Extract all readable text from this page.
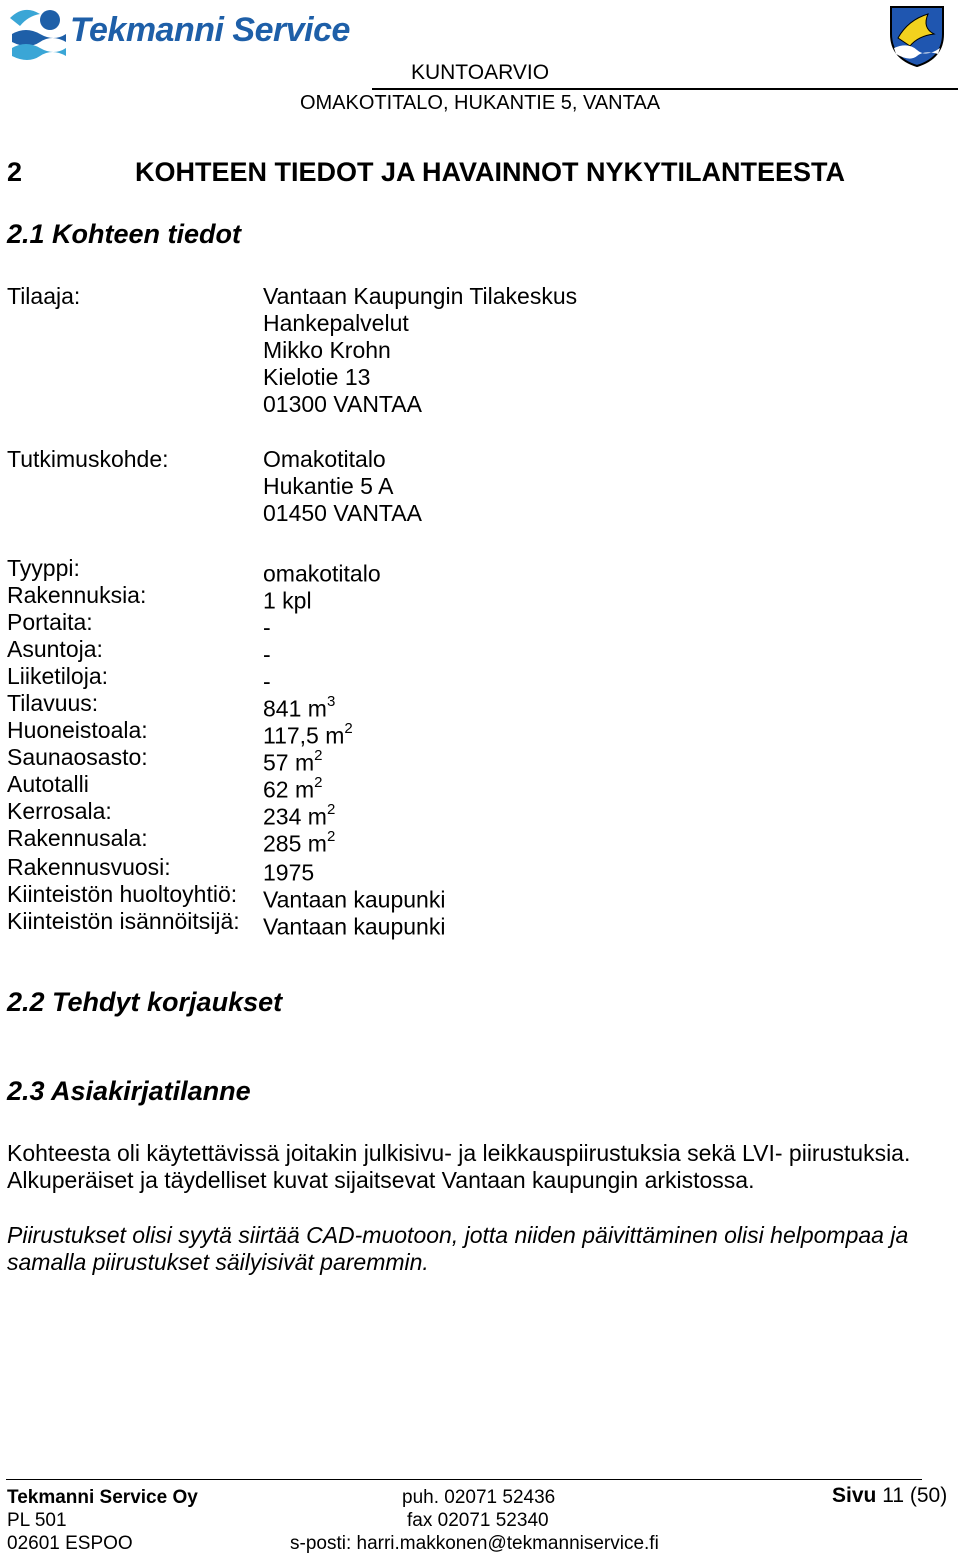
Tekmanni Service
KUNTOARVIO
OMAKOTITALO, HUKANTIE 5, VANTAA
2	KOHTEEN TIEDOT JA HAVAINNOT NYKYTILANTEESTA
2.1 Kohteen tiedot
Tilaaja:	Vantaan Kaupungin Tilakeskus
Hankepalvelut
Mikko Krohn
Kielotie 13
01300 VANTAA
Tutkimuskohde:	Omakotitalo
Hukantie 5 A
01450 VANTAA
Tyyppi:	omakotitalo
Rakennuksia:	1 kpl
Portaita:	-
Asuntoja:	-
Liiketiloja:	-
Tilavuus:	841 $m^3$
Huoneistoala:	117,5 $m^2$
Saunaosasto:	57 $m^2$
Autotalli	62 $m^2$
Kerrosala:	234 $m^2$
Rakennusala:	285 $m^2$
Rakennusvuosi:	1975
Kiinteistön huoltoyhtiö: Vantaan kaupunki
Kiinteistön isännöitsijä: Vantaan kaupunki
2.2 Tehdyt korjaukset
2.3 Asiakirjatilanne
Kohteesta oli käytettävissä joitakin julkisivu- ja leikkauspiirustuksia sekä LVI- piirustuksia.
Alkuperäiset ja täydelliset kuvat sijaitsevat Vantaan kaupungin arkistossa.
Piirustukset olisi syytä siirtää CAD-muotoon, jotta niiden päivittäminen olisi helpompaa ja
samalla piirustukset säilyisivät paremmin.
Tekmanni Service Oy
PL 501
02601 ESPOO
puh. 02071 52436
fax 02071 52340
s-posti: harri.makkonen@tekmanniservice.fi
Sivu 11 (50)
